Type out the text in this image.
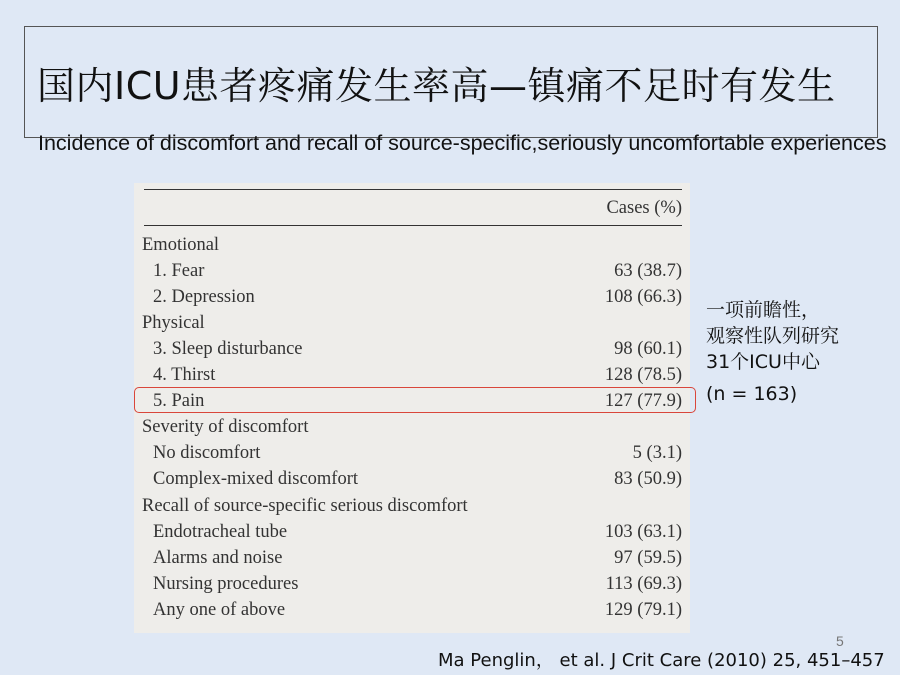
国内ICU患者疼痛发生率高—镇痛不足时有发生
Incidence of discomfort and recall of source-specific,seriously uncomfortable experiences
Cases (%)
Emotional
1. Fear	63 (38.7)
2. Depression	108 (66.3)
Physical
3. Sleep disturbance	98 (60.1)
4. Thirst	128 (78.5)
5. Pain	127 (77.9)
Severity of discomfort
No discomfort	5 (3.1)
Complex-mixed discomfort	83 (50.9)
Recall of source-specific serious discomfort
Endotracheal tube	103 (63.1)
Alarms and noise	97 (59.5)
Nursing procedures	113 (69.3)
Any one of above	129 (79.1)
一项前瞻性，
观察性队列研究
31个ICU中心
(n = 163)
5
Ma Penglin， et al. J Crit Care (2010) 25, 451–457
